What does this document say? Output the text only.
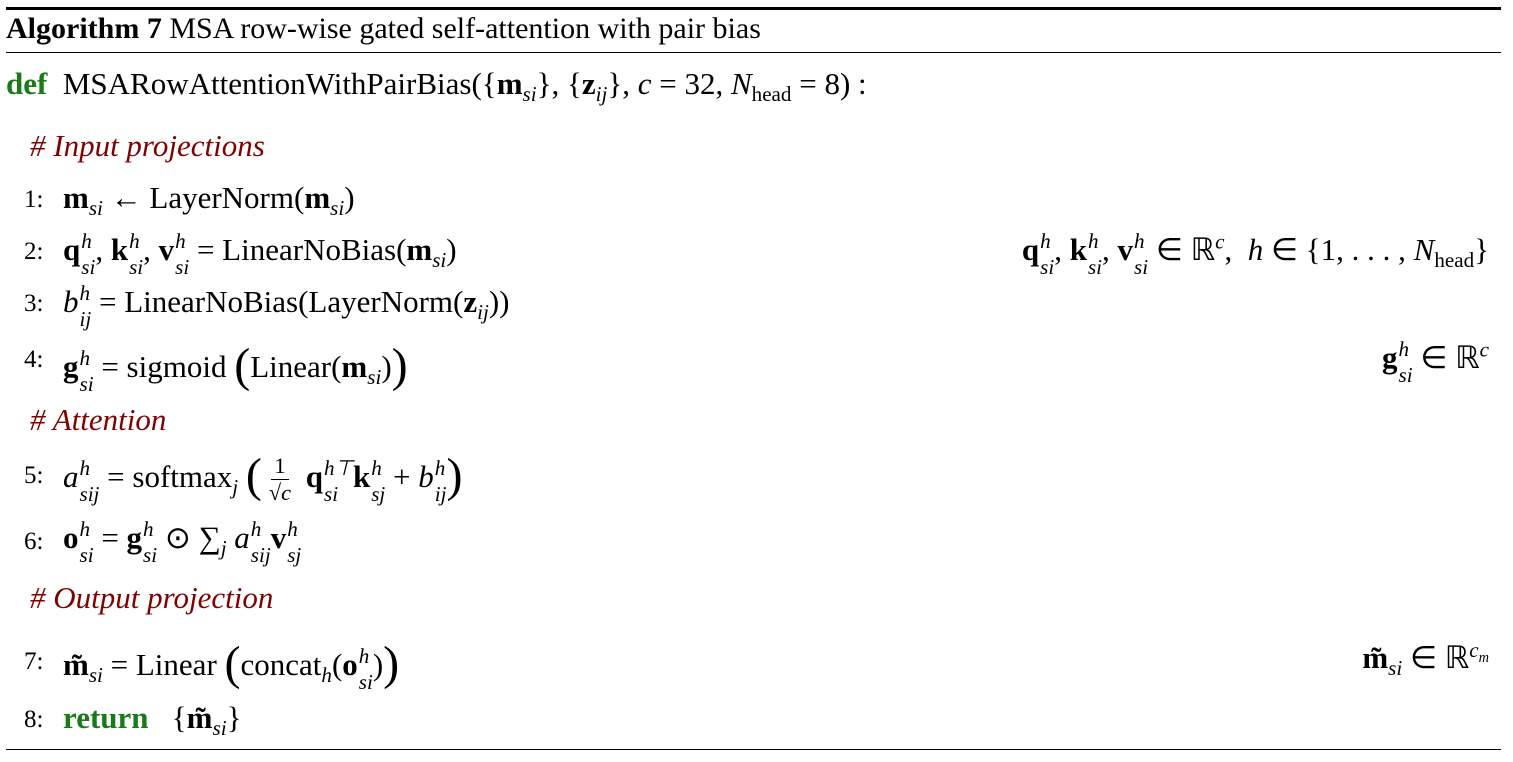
Algorithm 7 MSA row-wise gated self-attention with pair bias
def $MSARowAttentionWithPairBias(\{m_{si}\}$, $\{z_{ij}\}$, c = 32, $N_{head} = 8$) :
# Input projections
1: $m_{si}$ ← $LayerNorm(m_{si})$
2: q h
si , k h
si , v h
si = $LinearNoBias(m_{si})$	q h
si , k h
si , v h
si ∈ ℝ$^c$,  h ∈ {1, . . . , $N_{head}$}
3: b h
ij = $LinearNoBias(LayerNorm(z_{ij}))$
4: g h
si = sigmoid $(Linear(m_{si}))$	g h
si ∈ ℝ$^c$
# Attention
5: a h
sij = softmax$_j$ ( $\frac{1}{√c}$ q h⊤
si k h
sj + b h
ij )
6: o h
si = g h
si ⊙ $\sum_j$ a h
sij v h
sj
# Output projection
7: $m̃_{si}$ = Linear (concat$_h$(o h
si ))	$m̃_{si}$ ∈ ℝ$^{c_m}$
8: return   $\{m̃_{si}\}$
